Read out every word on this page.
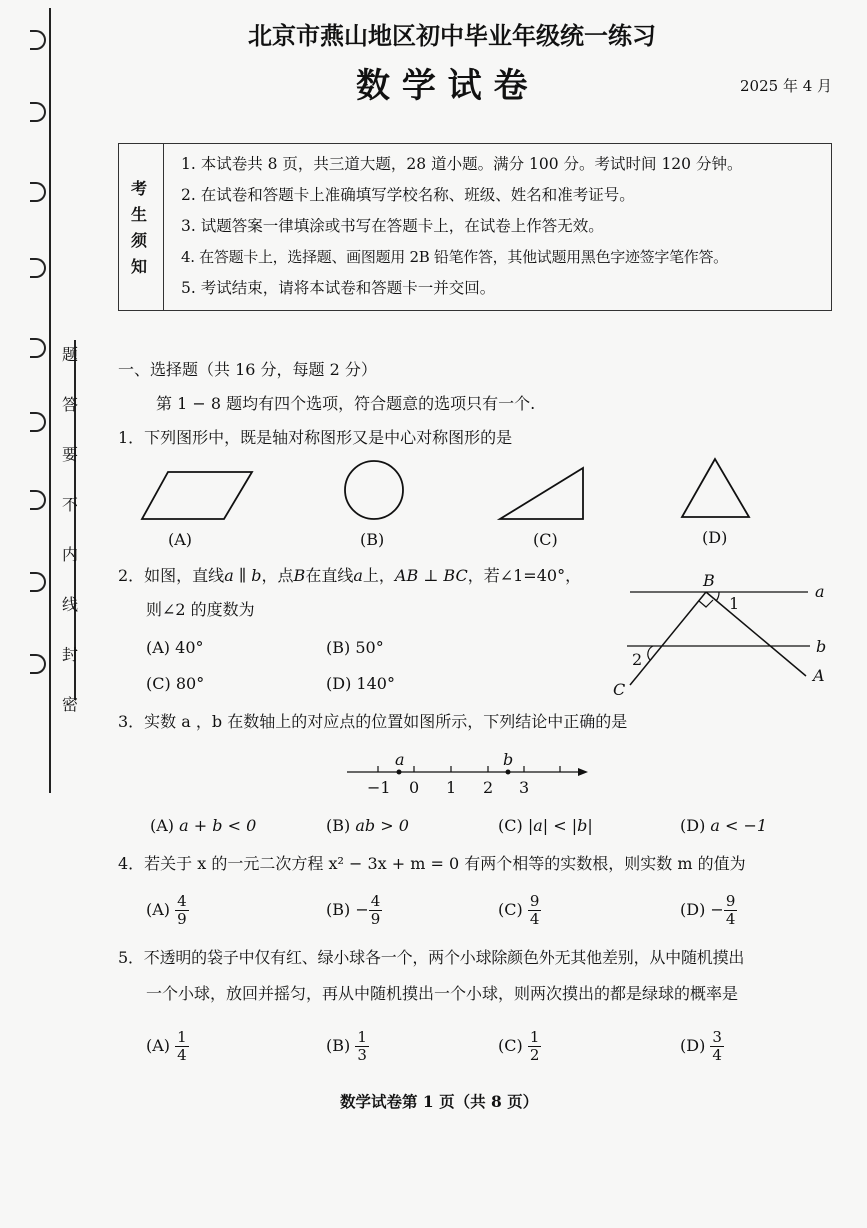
题
答
要
不
内
线
封
密
北京市燕山地区初中毕业年级统一练习
数 学 试 卷	2025 年 4 月
考
生
须
知
1. 本试卷共 8 页，共三道大题，28 道小题。满分 100 分。考试时间 120 分钟。
2. 在试卷和答题卡上准确填写学校名称、班级、姓名和准考证号。
3. 试题答案一律填涂或书写在答题卡上，在试卷上作答无效。
4. 在答题卡上，选择题、画图题用 2B 铅笔作答，其他试题用黑色字迹签字笔作答。
5. 考试结束，请将本试卷和答题卡一并交回。
一、选择题（共 16 分，每题 2 分）
第 1 − 8 题均有四个选项，符合题意的选项只有一个.
1．下列图形中，既是轴对称图形又是中心对称图形的是
(A)	(B)	(C)	(D)
2．如图，直线a ∥ b，点B在直线a上，AB ⊥ BC，若∠1=40°，
则∠2 的度数为
(A) 40°	(B) 50°
(C) 80°	(D) 140°
B
a
b
1
2
C
A
3．实数 a ，b 在数轴上的对应点的位置如图所示，下列结论中正确的是
a	b
−1 0 1 2 3
(A) a + b < 0	(B) ab > 0	(C) |a| < |b|	(D) a < −1
4．若关于 x 的一元二次方程 x² − 3x + m = 0 有两个相等的实数根，则实数 m 的值为
$(A) \frac{4}{9}$	$(B) - \frac{4}{9}$	$(C) \frac{9}{4}$	$(D) - \frac{9}{4}$
5．不透明的袋子中仅有红、绿小球各一个，两个小球除颜色外无其他差别，从中随机摸出
一个小球，放回并摇匀，再从中随机摸出一个小球，则两次摸出的都是绿球的概率是
$(A) \frac{1}{4}$	$(B) \frac{1}{3}$	$(C) \frac{1}{2}$	$(D) \frac{3}{4}$
数学试卷第 1 页（共 8 页）
